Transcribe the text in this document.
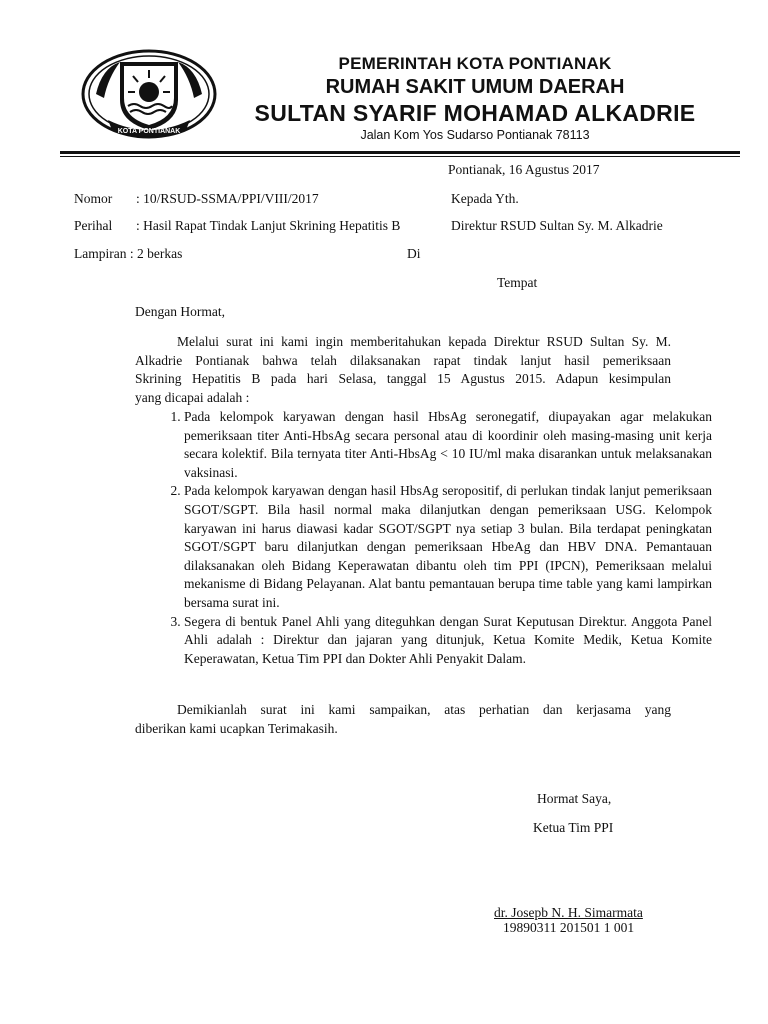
KOTA PONTIANAK
PEMERINTAH KOTA PONTIANAK
RUMAH SAKIT UMUM DAERAH
SULTAN SYARIF MOHAMAD ALKADRIE
Jalan Kom Yos Sudarso Pontianak 78113
Pontianak, 16 Agustus 2017
Nomor : 10/RSUD-SSMA/PPI/VIII/2017
Perihal : Hasil Rapat Tindak Lanjut Skrining Hepatitis B
Lampiran : 2 berkas
Kepada Yth.
Direktur RSUD Sultan Sy. M. Alkadrie
Di
Tempat
Dengan Hormat,
Melalui surat ini kami ingin memberitahukan kepada Direktur RSUD Sultan Sy. M.
Alkadrie Pontianak bahwa telah dilaksanakan rapat tindak lanjut hasil pemeriksaan
Skrining Hepatitis B pada hari Selasa, tanggal 15 Agustus 2015. Adapun kesimpulan
yang dicapai adalah :
1. Pada kelompok karyawan dengan hasil HbsAg seronegatif, diupayakan agar melakukan pemeriksaan titer Anti-HbsAg secara personal atau di koordinir oleh masing-masing unit kerja secara kolektif. Bila ternyata titer Anti-HbsAg < 10 IU/ml maka disarankan untuk melaksanakan vaksinasi.
2. Pada kelompok karyawan dengan hasil HbsAg seropositif, di perlukan tindak lanjut pemeriksaan SGOT/SGPT. Bila hasil normal maka dilanjutkan dengan pemeriksaan USG. Kelompok karyawan ini harus diawasi kadar SGOT/SGPT nya setiap 3 bulan. Bila terdapat peningkatan SGOT/SGPT baru dilanjutkan dengan pemeriksaan HbeAg dan HBV DNA. Pemantauan dilaksanakan oleh Bidang Keperawatan dibantu oleh tim PPI (IPCN), Pemeriksaan melalui mekanisme di Bidang Pelayanan. Alat bantu pemantauan berupa time table yang kami lampirkan bersama surat ini.
3. Segera di bentuk Panel Ahli yang diteguhkan dengan Surat Keputusan Direktur. Anggota Panel Ahli adalah : Direktur dan jajaran yang ditunjuk, Ketua Komite Medik, Ketua Komite Keperawatan, Ketua Tim PPI dan Dokter Ahli Penyakit Dalam.
Demikianlah surat ini kami sampaikan, atas perhatian dan kerjasama yang
diberikan kami ucapkan Terimakasih.
Hormat Saya,
Ketua Tim PPI
dr. Josepb N. H. Simarmata
19890311 201501 1 001
